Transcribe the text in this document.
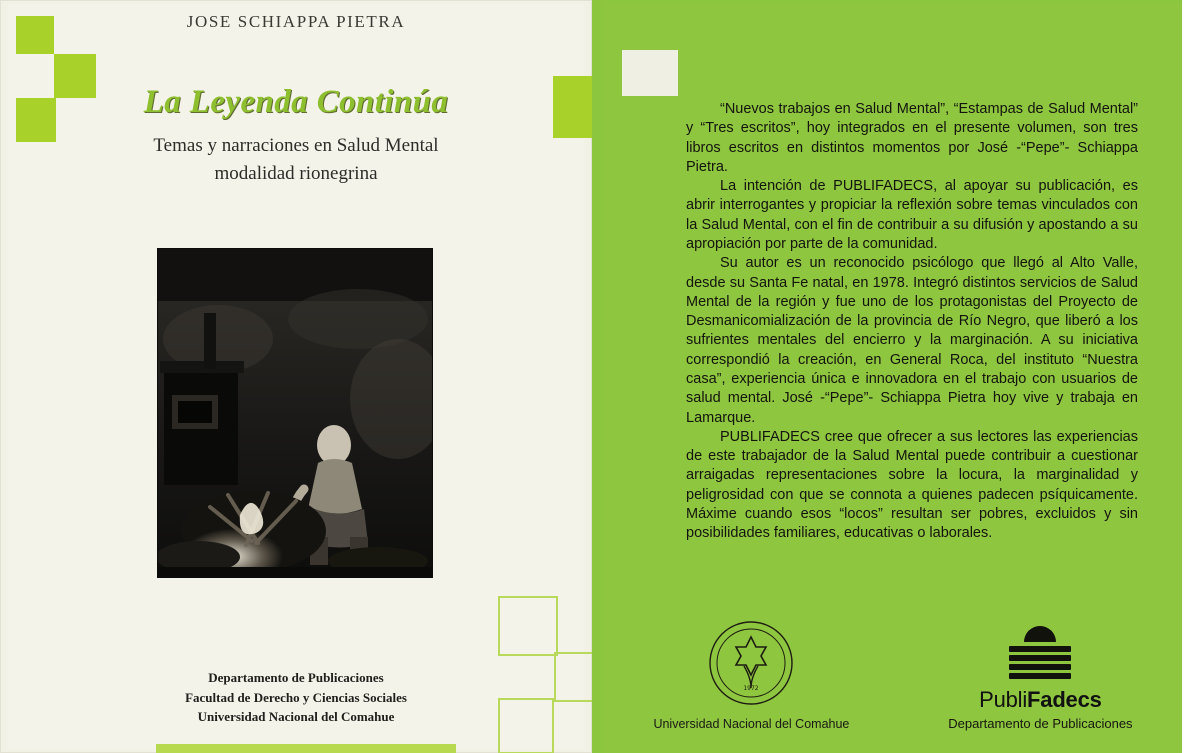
JOSE SCHIAPPA PIETRA
La Leyenda Continúa
Temas y narraciones en Salud Mental
modalidad rionegrina
Departamento de Publicaciones
Facultad de Derecho y Ciencias Sociales
Universidad Nacional del Comahue

“Nuevos trabajos en Salud Mental”, “Estampas de Salud Mental” y “Tres escritos”, hoy integrados en el presente volumen, son tres libros escritos en distintos momentos por José -“Pepe”- Schiappa Pietra.

La intención de PUBLIFADECS, al apoyar su publicación, es abrir interrogantes y propiciar la reflexión sobre temas vinculados con la Salud Mental, con el fin de contribuir a su difusión y apostando a su apropiación por parte de la comunidad.

Su autor es un reconocido psicólogo que llegó al Alto Valle, desde su Santa Fe natal, en 1978. Integró distintos servicios de Salud Mental de la región y fue uno de los protagonistas del Proyecto de Desmanicomialización de la provincia de Río Negro, que liberó a los sufrientes mentales del encierro y la marginación. A su iniciativa correspondió la creación, en General Roca, del instituto “Nuestra casa”, experiencia única e innovadora en el trabajo con usuarios de salud mental. José -“Pepe”- Schiappa Pietra hoy vive y trabaja en Lamarque.

PUBLIFADECS cree que ofrecer a sus lectores las experiencias de este trabajador de la Salud Mental puede contribuir a cuestionar arraigadas representaciones sobre la locura, la marginalidad y peligrosidad con que se connota a quienes padecen psíquicamente. Máxime cuando esos “locos” resultan ser pobres, excluidos y sin posibilidades familiares, educativas o laborales.

1972
Universidad Nacional del Comahue
PubliFadecs
Departamento de Publicaciones
